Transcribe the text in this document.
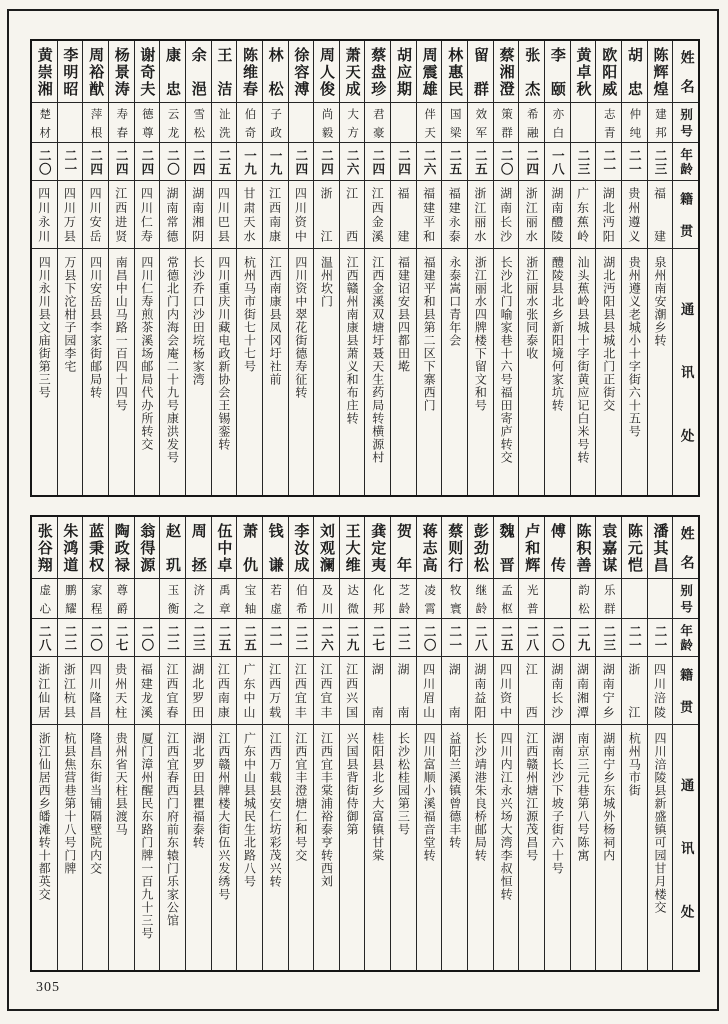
姓名
别号
年龄
籍贯
通讯处
陈辉煌
建邦
二三
福建
泉州南安潮乡转
胡忠
仲纯
二一
贵州遵义
贵州遵义老城小十字街六十五号
欧阳威
志青
二一
湖北沔阳
湖北沔阳县县城北门正街交
黄卓秋
二三
广东蕉岭
汕头蕉岭县城十字街黄应记白米号转
李颐
亦白
一八
湖南醴陵
醴陵县北乡新阳境何家坑转
张杰
希融
二四
浙江丽水
浙江丽水张同泰收
蔡湘澄
策群
二〇
湖南长沙
长沙北门喻家巷十六号福田寄庐转交
留群
效军
二五
浙江丽水
浙江丽水四牌楼下留文和号
林惠民
国梁
二五
福建永泰
永泰嵩口青年会
周震雄
伴天
二六
福建平和
福建平和县第二区下寨西门
胡应期
二四
福建
福建诏安县四都田墘
蔡盘珍
君豪
二四
江西金溪
江西金溪双塘圩聂天生药局转横源村
萧天成
大方
二六
江西
江西赣州南康县萧义和布庄转
周人俊
尚毅
二四
浙江
温州坎门
徐容溥
二四
四川资中
四川资中翠花街德寿征转
林松
子政
一九
江西南康
江西南康县凤冈圩社前
陈维春
伯奇
一九
甘肃天水
杭州马市街七十七号
王洁
沚洗
二五
四川巴县
四川重庆川藏电政新协会王锡銮转
余浥
雪松
二四
湖南湘阴
长沙乔口沙田垸杨家湾
康忠
云龙
二〇
湖南常德
常德北门内海会庵二十九号康洪发号
谢奇夫
德尊
二四
四川仁寿
四川仁寿煎茶溪场邮局代办所转交
杨景涛
寿春
二四
江西进贤
南昌中山马路一百四十四号
周裕猷
萍根
二四
四川安岳
四川安岳县李家街邮局转
李明昭
二一
四川万县
万县下沱柑子园李宅
黄崇湘
楚材
二〇
四川永川
四川永川县文庙街第三号
姓名
别号
年龄
籍贯
通讯处
潘其昌
二一
四川涪陵
四川涪陵县新盛镇可园甘月楼交
陈元恺
二一
浙江
杭州马市街
袁嘉谋
乐群
二三
湖南宁乡
湖南宁乡东城外杨祠内
陈积善
韵松
二九
湖南湘潭
南京三元巷第八号陈寓
傅传
二〇
湖南长沙
湖南长沙下坡子街六十号
卢和辉
光普
二八
江西
江西赣州塘江源茂昌号
魏晋
孟枢
二五
四川资中
四川内江永兴场大湾李叔恒转
彭劲松
继龄
二八
湖南益阳
长沙靖港朱良桥邮局转
蔡则行
牧寰
二一
湖南
益阳兰溪镇曾德丰转
蒋志高
凌霄
二〇
四川眉山
四川富顺小溪福音堂转
贺年
芝龄
二二
湖南
长沙松桂园第三号
龚定夷
化邦
二七
湖南
桂阳县北乡大富镇甘棠
王大维
达微
二九
江西兴国
兴国县背街侍御第
刘观澜
及川
二六
江西宜丰
江西宜丰棠浦裕泰亨转西刘
李汝成
伯希
二二
江西宜丰
江西宜丰澄塘仁和号交
钱谦
若虚
二一
江西万载
江西万载县安仁坊彩茂兴转
萧仇
宝轴
二五
广东中山
广东中山县城民生北路八号
伍中卓
禹章
二五
江西南康
江西赣州牌楼大街伍兴发绣号
周拯
济之
二三
湖北罗田
湖北罗田县瞿福泰转
赵玑
玉衡
二二
江西宜春
江西宜春西门府前东辕门乐家公馆
翁得源
二〇
福建龙溪
厦门漳州醒民东路门牌一百九十三号
陶政禄
尊爵
二七
贵州天柱
贵州省天柱县渡马
蓝秉权
家程
二〇
四川隆昌
隆昌东街当铺隔壁院内交
朱鸿道
鹏耀
二二
浙江杭县
杭县焦营巷第十八号门牌
张谷翔
虚心
二八
浙江仙居
浙江仙居西乡皤滩转十都英交
305
